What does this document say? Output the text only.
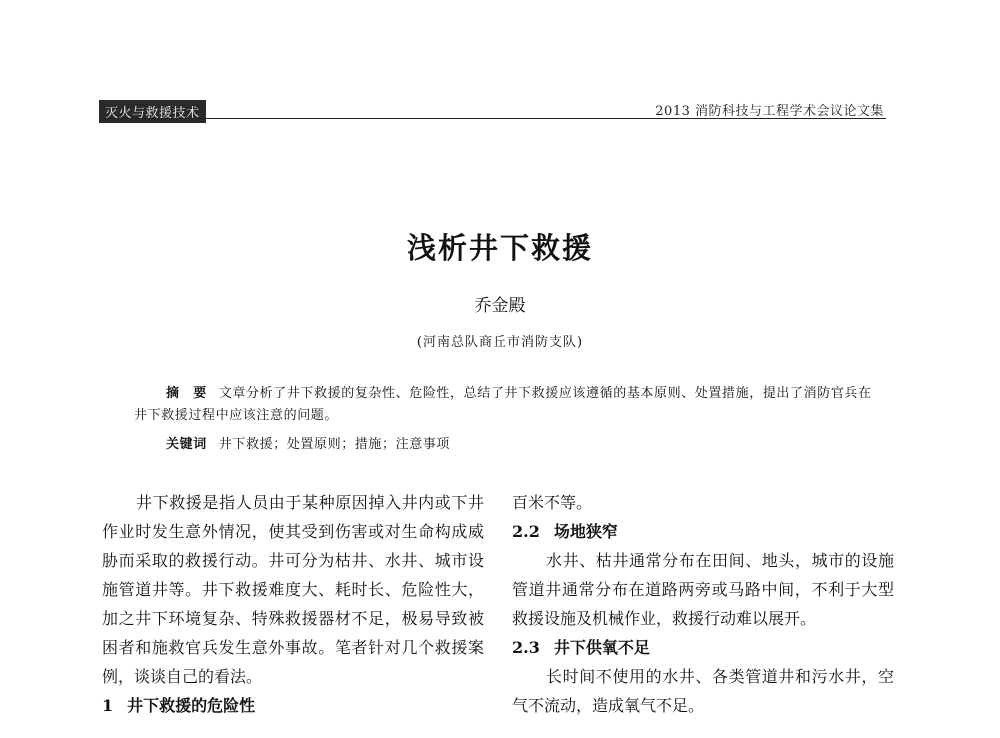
灭火与救援技术	2013 消防科技与工程学术会议论文集
浅析井下救援
乔金殿
(河南总队商丘市消防支队)

摘　要 文章分析了井下救援的复杂性、危险性，总结了井下救援应该遵循的基本原则、处置措施，提出了消防官兵在井下救援过程中应该注意的问题。

关键词 井下救援；处置原则；措施；注意事项

井下救援是指人员由于某种原因掉入井内或下井作业时发生意外情况，使其受到伤害或对生命构成威胁而采取的救援行动。井可分为枯井、水井、城市设施管道井等。井下救援难度大、耗时长、危险性大，加之井下环境复杂、特殊救援器材不足，极易导致被困者和施救官兵发生意外事故。笔者针对几个救援案例，谈谈自己的看法。

1 井下救援的危险性

百米不等。

2.2 场地狭窄

水井、枯井通常分布在田间、地头，城市的设施管道井通常分布在道路两旁或马路中间，不利于大型救援设施及机械作业，救援行动难以展开。

2.3 井下供氧不足

长时间不使用的水井、各类管道井和污水井，空气不流动，造成氧气不足。
